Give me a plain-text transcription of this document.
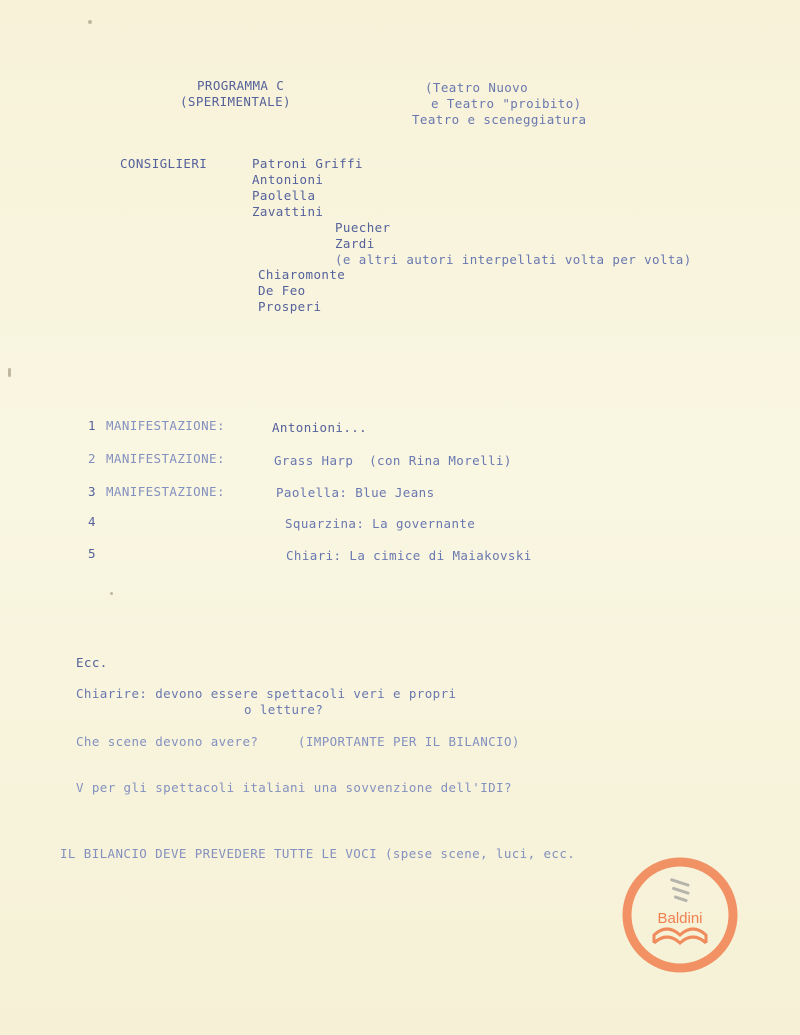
PROGRAMMA C
(SPERIMENTALE)
(Teatro Nuovo
e Teatro "proibito)
Teatro e sceneggiatura
CONSIGLIERI	Patroni Griffi
Antonioni
Paolella
Zavattini
Puecher
Zardi
(e altri autori interpellati volta per volta)
Chiaromonte
De Feo
Prosperi
1 MANIFESTAZIONE:	Antonioni...
2 MANIFESTAZIONE:	Grass Harp  (con Rina Morelli)
3 MANIFESTAZIONE:	Paolella: Blue Jeans
4	Squarzina: La governante
5	Chiari: La cimice di Maiakovski
Ecc.
Chiarire: devono essere spettacoli veri e propri
o letture?
Che scene devono avere?     (IMPORTANTE PER IL BILANCIO)
V per gli spettacoli italiani una sovvenzione dell'IDI?
IL BILANCIO DEVE PREVEDERE TUTTE LE VOCI (spese scene, luci, ecc.
Baldini
